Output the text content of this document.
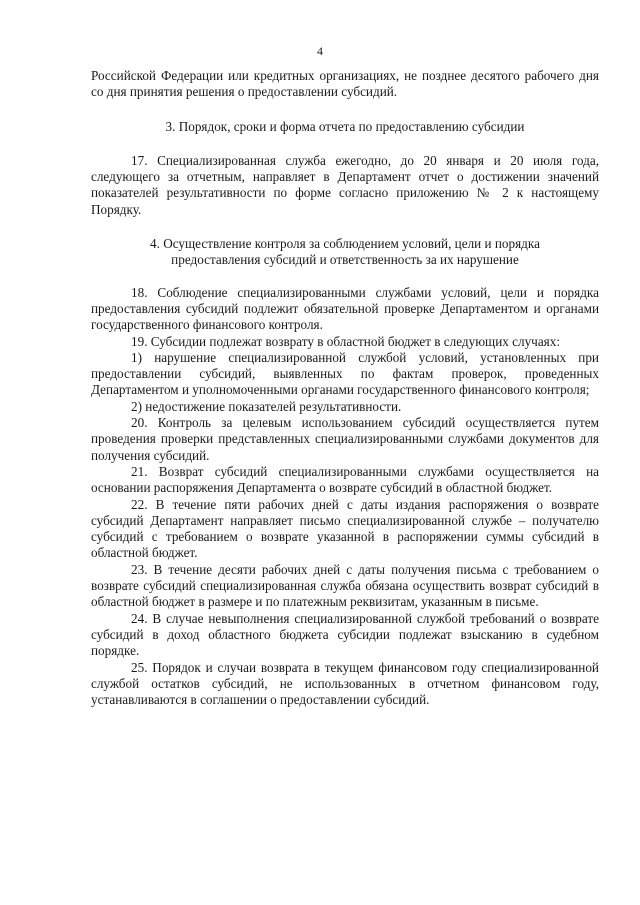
4

Российской Федерации или кредитных организациях, не позднее десятого рабочего дня со дня принятия решения о предоставлении субсидий.

3. Порядок, сроки и форма отчета по предоставлению субсидии

17. Специализированная служба ежегодно, до 20 января и 20 июля года, следующего за отчетным, направляет в Департамент отчет о достижении значений показателей результативности по форме согласно приложению № 2 к настоящему Порядку.

4. Осуществление контроля за соблюдением условий, цели и порядка предоставления субсидий и ответственность за их нарушение

18. Соблюдение специализированными службами условий, цели и порядка предоставления субсидий подлежит обязательной проверке Департаментом и органами государственного финансового контроля.

19. Субсидии подлежат возврату в областной бюджет в следующих случаях:

1) нарушение специализированной службой условий, установленных при предоставлении субсидий, выявленных по фактам проверок, проведенных Департаментом и уполномоченными органами государственного финансового контроля;

2) недостижение показателей результативности.

20. Контроль за целевым использованием субсидий осуществляется путем проведения проверки представленных специализированными службами документов для получения субсидий.

21. Возврат субсидий специализированными службами осуществляется на основании распоряжения Департамента о возврате субсидий в областной бюджет.

22. В течение пяти рабочих дней с даты издания распоряжения о возврате субсидий Департамент направляет письмо специализированной службе – получателю субсидий с требованием о возврате указанной в распоряжении суммы субсидий в областной бюджет.

23. В течение десяти рабочих дней с даты получения письма с требованием о возврате субсидий специализированная служба обязана осуществить возврат субсидий в областной бюджет в размере и по платежным реквизитам, указанным в письме.

24. В случае невыполнения специализированной службой требований о возврате субсидий в доход областного бюджета субсидии подлежат взысканию в судебном порядке.

25. Порядок и случаи возврата в текущем финансовом году специализированной службой остатков субсидий, не использованных в отчетном финансовом году, устанавливаются в соглашении о предоставлении субсидий.
